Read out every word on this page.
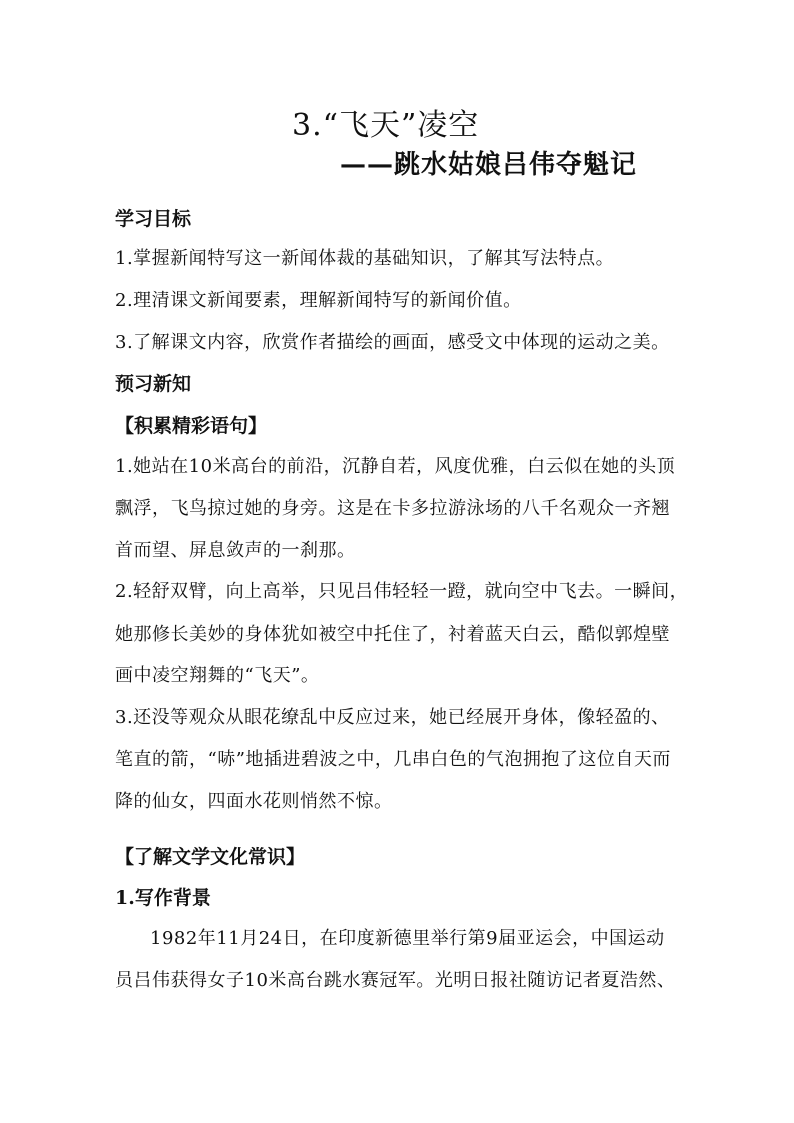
3.“飞天”凌空
——跳水姑娘吕伟夺魁记
学习目标
1.掌握新闻特写这一新闻体裁的基础知识，了解其写法特点。
2.理清课文新闻要素，理解新闻特写的新闻价值。
3.了解课文内容，欣赏作者描绘的画面，感受文中体现的运动之美。
预习新知
【积累精彩语句】
1.她站在10米高台的前沿，沉静自若，风度优雅，白云似在她的头顶
飘浮，飞鸟掠过她的身旁。这是在卡多拉游泳场的八千名观众一齐翘
首而望、屏息敛声的一刹那。
2.轻舒双臂，向上高举，只见吕伟轻轻一蹬，就向空中飞去。一瞬间，
她那修长美妙的身体犹如被空中托住了，衬着蓝天白云，酷似郭煌壁
画中凌空翔舞的“飞天”。
3.还没等观众从眼花缭乱中反应过来，她已经展开身体，像轻盈的、
笔直的箭，“哧”地插进碧波之中，几串白色的气泡拥抱了这位自天而
降的仙女，四面水花则悄然不惊。
【了解文学文化常识】
1.写作背景
1982年11月24日，在印度新德里举行第9届亚运会，中国运动
员吕伟获得女子10米高台跳水赛冠军。光明日报社随访记者夏浩然、
